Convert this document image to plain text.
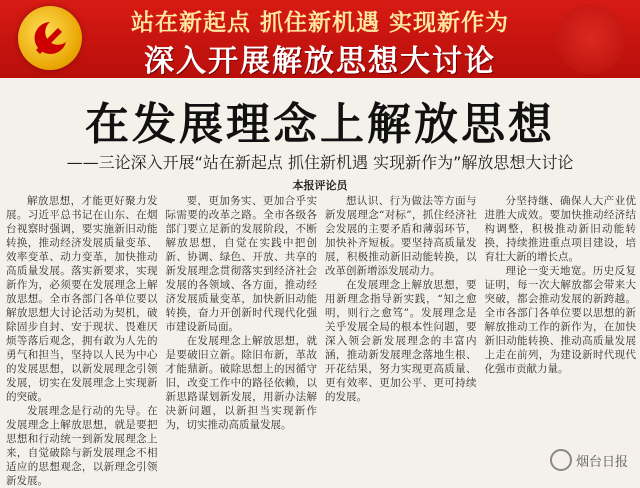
站在新起点 抓住新机遇 实现新作为
深入开展解放思想大讨论
在发展理念上解放思想
——三论深入开展“站在新起点 抓住新机遇 实现新作为”解放思想大讨论
本报评论员

解放思想，才能更好聚力发展。习近平总书记在山东、在烟台视察时强调，要实施新旧动能转换，推动经济发展质量变革、效率变革、动力变革，加快推动高质量发展。落实新要求，实现新作为，必须要在发展理念上解放思想。全市各部门各单位要以解放思想大讨论活动为契机，破除固步自封、安于现状、畏难厌烦等落后观念，拥有敢为人先的勇气和担当，坚持以人民为中心的发展思想，以新发展理念引领发展，切实在发展理念上实现新的突破。

发展理念是行动的先导。在发展理念上解放思想，就是要把思想和行动统一到新发展理念上来，自觉破除与新发展理念不相适应的思想观念，以新理念引领新发展。

要，更加务实、更加合乎实际需要的改革之路。全市各级各部门要立足新的发展阶段，不断解放思想，自觉在实践中把创新、协调、绿色、开放、共享的新发展理念贯彻落实到经济社会发展的各领域、各方面，推动经济发展质量变革，加快新旧动能转换，奋力开创新时代现代化强市建设新局面。

在发展理念上解放思想，就是要破旧立新。除旧布新，革故才能鼎新。破除思想上的因循守旧，改变工作中的路径依赖，以新思路谋划新发展，用新办法解决新问题，以新担当实现新作为，切实推动高质量发展。

想认识、行为做法等方面与新发展理念“对标”，抓住经济社会发展的主要矛盾和薄弱环节，加快补齐短板。要坚持高质量发展，积极推动新旧动能转换，以改革创新增添发展动力。

在发展理念上解放思想，要用新理念指导新实践，“知之愈明，则行之愈笃”。发展理念是关乎发展全局的根本性问题，要深入领会新发展理念的丰富内涵，推动新发展理念落地生根、开花结果，努力实现更高质量、更有效率、更加公平、更可持续的发展。

分坚持继、确保人大产业优进胜大成效。要加快推动经济结构调整，积极推动新旧动能转换，持续推进重点项目建设，培育壮大新的增长点。

理论一变天地宽。历史反复证明，每一次大解放都会带来大突破，都会推动发展的新跨越。全市各部门各单位要以思想的新解放推动工作的新作为，在加快新旧动能转换、推动高质量发展上走在前列，为建设新时代现代化强市贡献力量。

烟台日报
